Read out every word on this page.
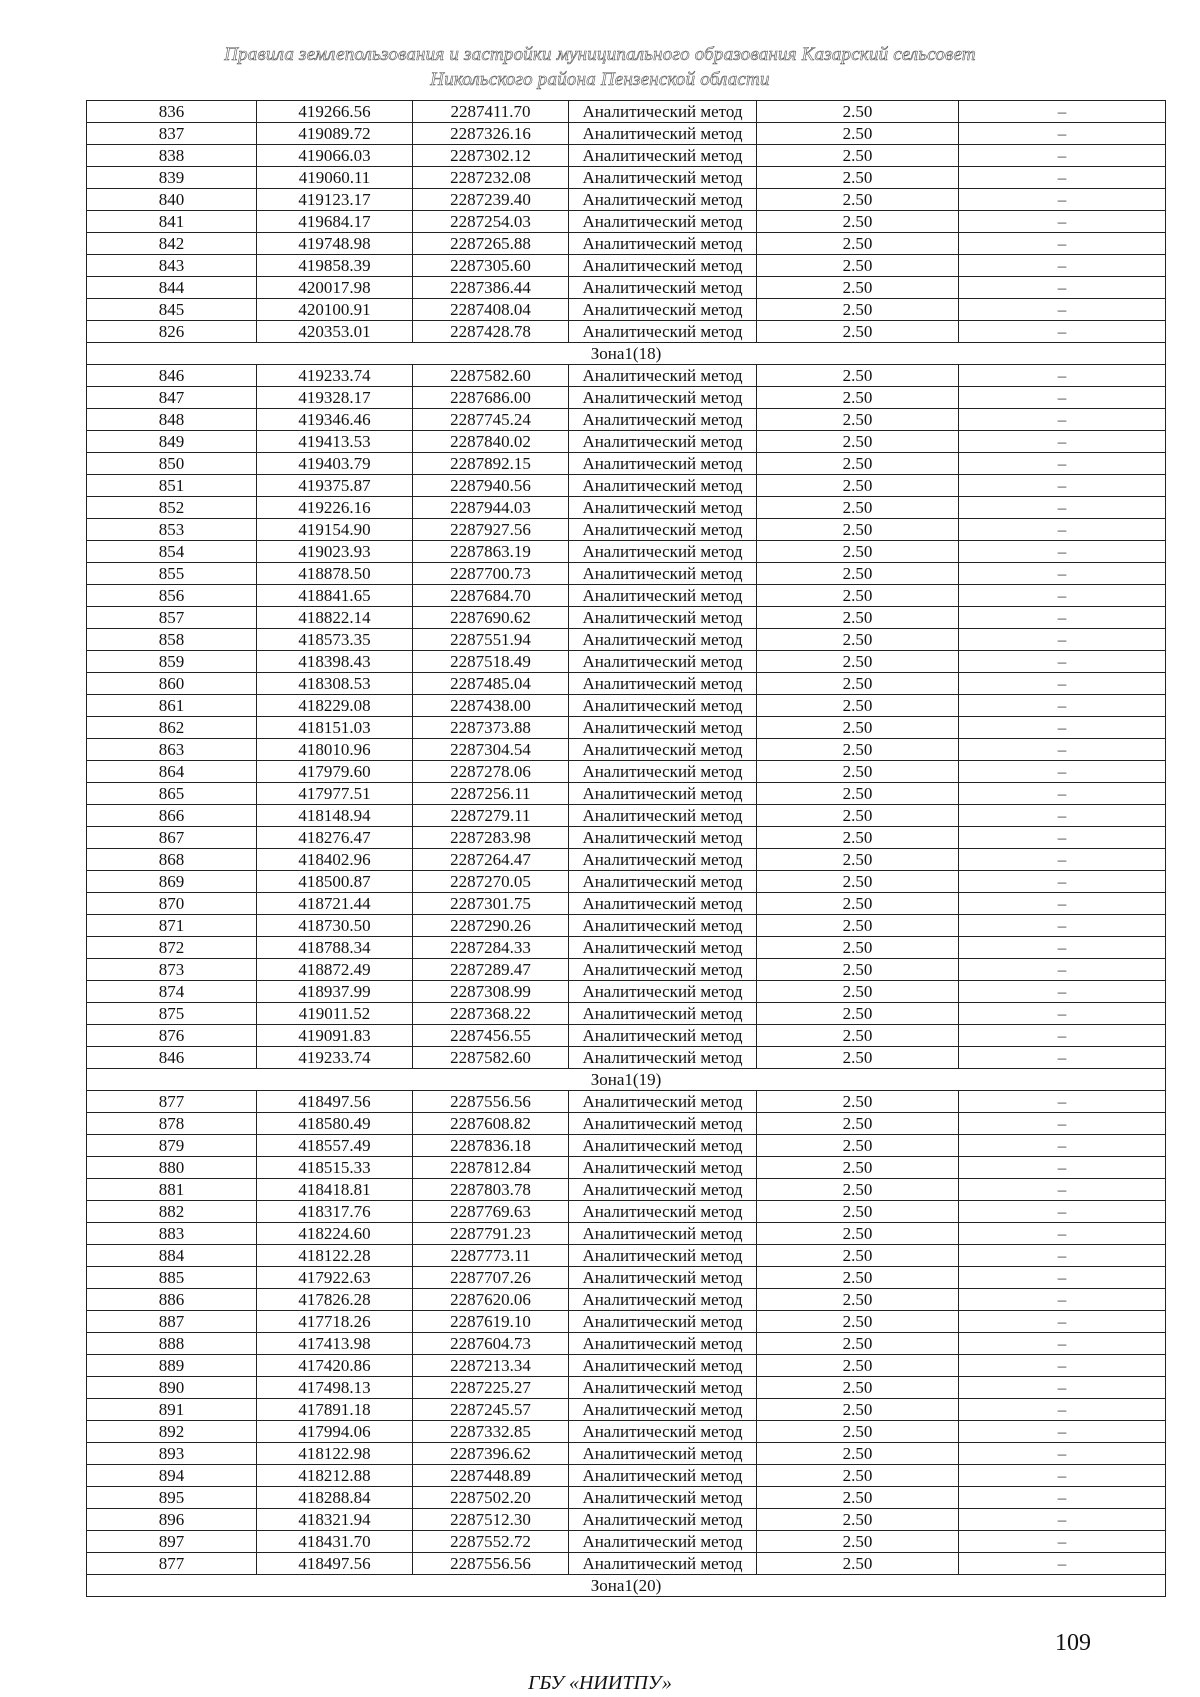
Правила землепользования и застройки муниципального образования Казарский сельсовет
Никольского района Пензенской области
836	419266.56	2287411.70	Аналитический метод	2.50	–
837	419089.72	2287326.16	Аналитический метод	2.50	–
838	419066.03	2287302.12	Аналитический метод	2.50	–
839	419060.11	2287232.08	Аналитический метод	2.50	–
840	419123.17	2287239.40	Аналитический метод	2.50	–
841	419684.17	2287254.03	Аналитический метод	2.50	–
842	419748.98	2287265.88	Аналитический метод	2.50	–
843	419858.39	2287305.60	Аналитический метод	2.50	–
844	420017.98	2287386.44	Аналитический метод	2.50	–
845	420100.91	2287408.04	Аналитический метод	2.50	–
826	420353.01	2287428.78	Аналитический метод	2.50	–
Зона1(18)					
846	419233.74	2287582.60	Аналитический метод	2.50	–
847	419328.17	2287686.00	Аналитический метод	2.50	–
848	419346.46	2287745.24	Аналитический метод	2.50	–
849	419413.53	2287840.02	Аналитический метод	2.50	–
850	419403.79	2287892.15	Аналитический метод	2.50	–
851	419375.87	2287940.56	Аналитический метод	2.50	–
852	419226.16	2287944.03	Аналитический метод	2.50	–
853	419154.90	2287927.56	Аналитический метод	2.50	–
854	419023.93	2287863.19	Аналитический метод	2.50	–
855	418878.50	2287700.73	Аналитический метод	2.50	–
856	418841.65	2287684.70	Аналитический метод	2.50	–
857	418822.14	2287690.62	Аналитический метод	2.50	–
858	418573.35	2287551.94	Аналитический метод	2.50	–
859	418398.43	2287518.49	Аналитический метод	2.50	–
860	418308.53	2287485.04	Аналитический метод	2.50	–
861	418229.08	2287438.00	Аналитический метод	2.50	–
862	418151.03	2287373.88	Аналитический метод	2.50	–
863	418010.96	2287304.54	Аналитический метод	2.50	–
864	417979.60	2287278.06	Аналитический метод	2.50	–
865	417977.51	2287256.11	Аналитический метод	2.50	–
866	418148.94	2287279.11	Аналитический метод	2.50	–
867	418276.47	2287283.98	Аналитический метод	2.50	–
868	418402.96	2287264.47	Аналитический метод	2.50	–
869	418500.87	2287270.05	Аналитический метод	2.50	–
870	418721.44	2287301.75	Аналитический метод	2.50	–
871	418730.50	2287290.26	Аналитический метод	2.50	–
872	418788.34	2287284.33	Аналитический метод	2.50	–
873	418872.49	2287289.47	Аналитический метод	2.50	–
874	418937.99	2287308.99	Аналитический метод	2.50	–
875	419011.52	2287368.22	Аналитический метод	2.50	–
876	419091.83	2287456.55	Аналитический метод	2.50	–
846	419233.74	2287582.60	Аналитический метод	2.50	–
Зона1(19)					
877	418497.56	2287556.56	Аналитический метод	2.50	–
878	418580.49	2287608.82	Аналитический метод	2.50	–
879	418557.49	2287836.18	Аналитический метод	2.50	–
880	418515.33	2287812.84	Аналитический метод	2.50	–
881	418418.81	2287803.78	Аналитический метод	2.50	–
882	418317.76	2287769.63	Аналитический метод	2.50	–
883	418224.60	2287791.23	Аналитический метод	2.50	–
884	418122.28	2287773.11	Аналитический метод	2.50	–
885	417922.63	2287707.26	Аналитический метод	2.50	–
886	417826.28	2287620.06	Аналитический метод	2.50	–
887	417718.26	2287619.10	Аналитический метод	2.50	–
888	417413.98	2287604.73	Аналитический метод	2.50	–
889	417420.86	2287213.34	Аналитический метод	2.50	–
890	417498.13	2287225.27	Аналитический метод	2.50	–
891	417891.18	2287245.57	Аналитический метод	2.50	–
892	417994.06	2287332.85	Аналитический метод	2.50	–
893	418122.98	2287396.62	Аналитический метод	2.50	–
894	418212.88	2287448.89	Аналитический метод	2.50	–
895	418288.84	2287502.20	Аналитический метод	2.50	–
896	418321.94	2287512.30	Аналитический метод	2.50	–
897	418431.70	2287552.72	Аналитический метод	2.50	–
877	418497.56	2287556.56	Аналитический метод	2.50	–
Зона1(20)					
109
ГБУ «НИИТПУ»
